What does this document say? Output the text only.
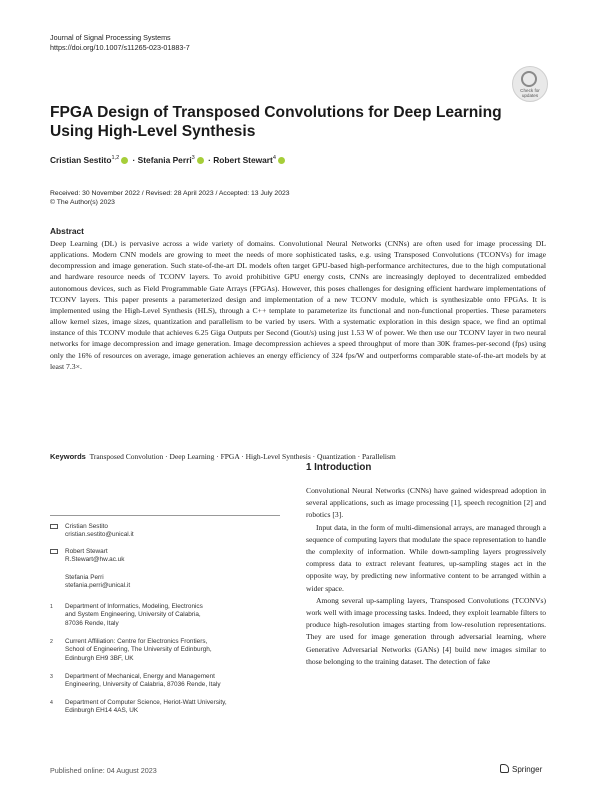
Journal of Signal Processing Systems
https://doi.org/10.1007/s11265-023-01883-7
Check for
updates
FPGA Design of Transposed Convolutions for Deep Learning Using High-Level Synthesis
Cristian Sestito$^{1,2}$ · Stefania Perri$^3$ · Robert Stewart$^4$
Received: 30 November 2022 / Revised: 28 April 2023 / Accepted: 13 July 2023
© The Author(s) 2023
Abstract
Deep Learning (DL) is pervasive across a wide variety of domains. Convolutional Neural Networks (CNNs) are often used for image processing DL applications. Modern CNN models are growing to meet the needs of more sophisticated tasks, e.g. using Transposed Convolutions (TCONVs) for image decompression and image generation. Such state-of-the-art DL models often target GPU-based high-performance architectures, due to the high computational and hardware resource needs of TCONV layers. To avoid prohibitive GPU energy costs, CNNs are increasingly deployed to decentralized embedded autonomous devices, such as Field Programmable Gate Arrays (FPGAs). However, this poses challenges for designing efficient hardware implementations of TCONV layers. This paper presents a parameterized design and implementation of a new TCONV module, which is synthesizable onto FPGAs. It is implemented using the High-Level Synthesis (HLS), through a C++ template to parameterize its functional and non-functional properties. These parameters allow kernel sizes, image sizes, quantization and parallelism to be varied by users. With a systematic exploration in this design space, we find an optimal instance of this TCONV module that achieves 6.25 Giga Outputs per Second (Gout/s) using just 1.53 W of power. We then use our TCONV layer in two neural networks for image decompression and image generation. Image decompression achieves a speed throughput of more than 30K frames-per-second (fps) using only the 16% of resources on average, image generation achieves an energy efficiency of 324 fps/W and outperforms comparable state-of-the-art models by at least 7.3×.
Keywords Transposed Convolution · Deep Learning · FPGA · High-Level Synthesis · Quantization · Parallelism
1 Introduction

Convolutional Neural Networks (CNNs) have gained widespread adoption in several applications, such as image processing [1], speech recognition [2] and robotics [3].

Input data, in the form of multi-dimensional arrays, are managed through a sequence of computing layers that modulate the space representation to handle the complexity of information. While down-sampling layers progressively compress data to extract relevant features, up-sampling stages act in the opposite way, by predicting new informative content to be arranged within a wider space.

Among several up-sampling layers, Transposed Convolutions (TCONVs) work well with image processing tasks. Indeed, they exploit learnable filters to produce high-resolution images starting from low-resolution representations. They are used for image generation through adversarial learning, where Generative Adversarial Networks (GANs) [4] build new images similar to those belonging to the training dataset. The detection of fake

Cristian Sestito
cristian.sestito@unical.it
Robert Stewart
R.Stewart@hw.ac.uk
Stefania Perri
stefania.perri@unical.it
1 Department of Informatics, Modeling, Electronics
and System Engineering, University of Calabria,
87036 Rende, Italy
2 Current Affiliation: Centre for Electronics Frontiers,
School of Engineering, The University of Edinburgh,
Edinburgh EH9 3BF, UK
3 Department of Mechanical, Energy and Management
Engineering, University of Calabria, 87036 Rende, Italy
4 Department of Computer Science, Heriot-Watt University,
Edinburgh EH14 4AS, UK
Published online: 04 August 2023	Springer
